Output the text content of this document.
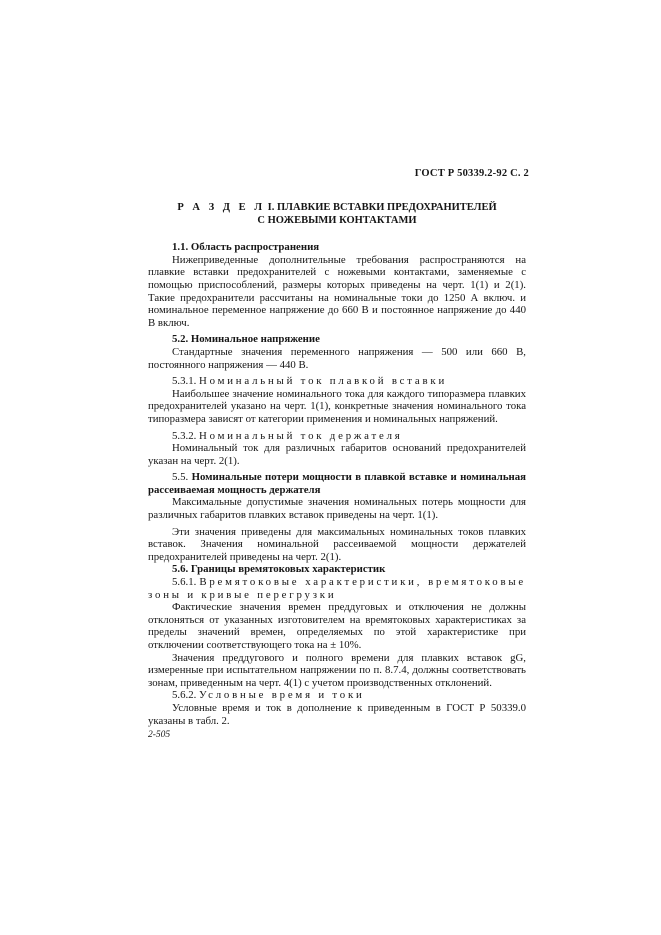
ГОСТ Р 50339.2-92 С. 2
Р А З Д Е Л I. ПЛАВКИЕ ВСТАВКИ ПРЕДОХРАНИТЕЛЕЙ
С НОЖЕВЫМИ КОНТАКТАМИ

1.1. Область распространения

Нижеприведенные дополнительные требования распространяются на плавкие вставки предохранителей с ножевыми контактами, заменяемые с помощью приспособлений, размеры которых приведены на черт. 1(1) и 2(1). Такие предохранители рассчитаны на номинальные токи до 1250 А включ. и номинальное переменное напряжение до 660 В и постоянное напряжение до 440 В включ.

5.2. Номинальное напряжение

Стандартные значения переменного напряжения — 500 или 660 В, постоянного напряжения — 440 В.

5.3.1. Номинальный ток плавкой вставки

Наибольшее значение номинального тока для каждого типоразмера плавких предохранителей указано на черт. 1(1), конкретные значения номинального тока типоразмера зависят от категории применения и номинальных напряжений.

5.3.2. Номинальный ток держателя

Номинальный ток для различных габаритов оснований предохранителей указан на черт. 2(1).

5.5. Номинальные потери мощности в плавкой вставке и номинальная рассеиваемая мощность держателя

Максимальные допустимые значения номинальных потерь мощности для различных габаритов плавких вставок приведены на черт. 1(1).

Эти значения приведены для максимальных номинальных токов плавких вставок. Значения номинальной рассеиваемой мощности держателей предохранителей приведены на черт. 2(1).

5.6. Границы времятоковых характеристик

5.6.1. Времятоковые характеристики, времятоковые зоны и кривые перегрузки

Фактические значения времен преддуговых и отключения не должны отклоняться от указанных изготовителем на времятоковых характеристиках за пределы значений времен, определяемых по этой характеристике при отключении соответствующего тока на ± 10%.

Значения преддугового и полного времени для плавких вставок gG, измеренные при испытательном напряжении по п. 8.7.4, должны соответствовать зонам, приведенным на черт. 4(1) с учетом производственных отклонений.

5.6.2. Условные время и токи

Условные время и ток в дополнение к приведенным в ГОСТ Р 50339.0 указаны в табл. 2.

2-505
